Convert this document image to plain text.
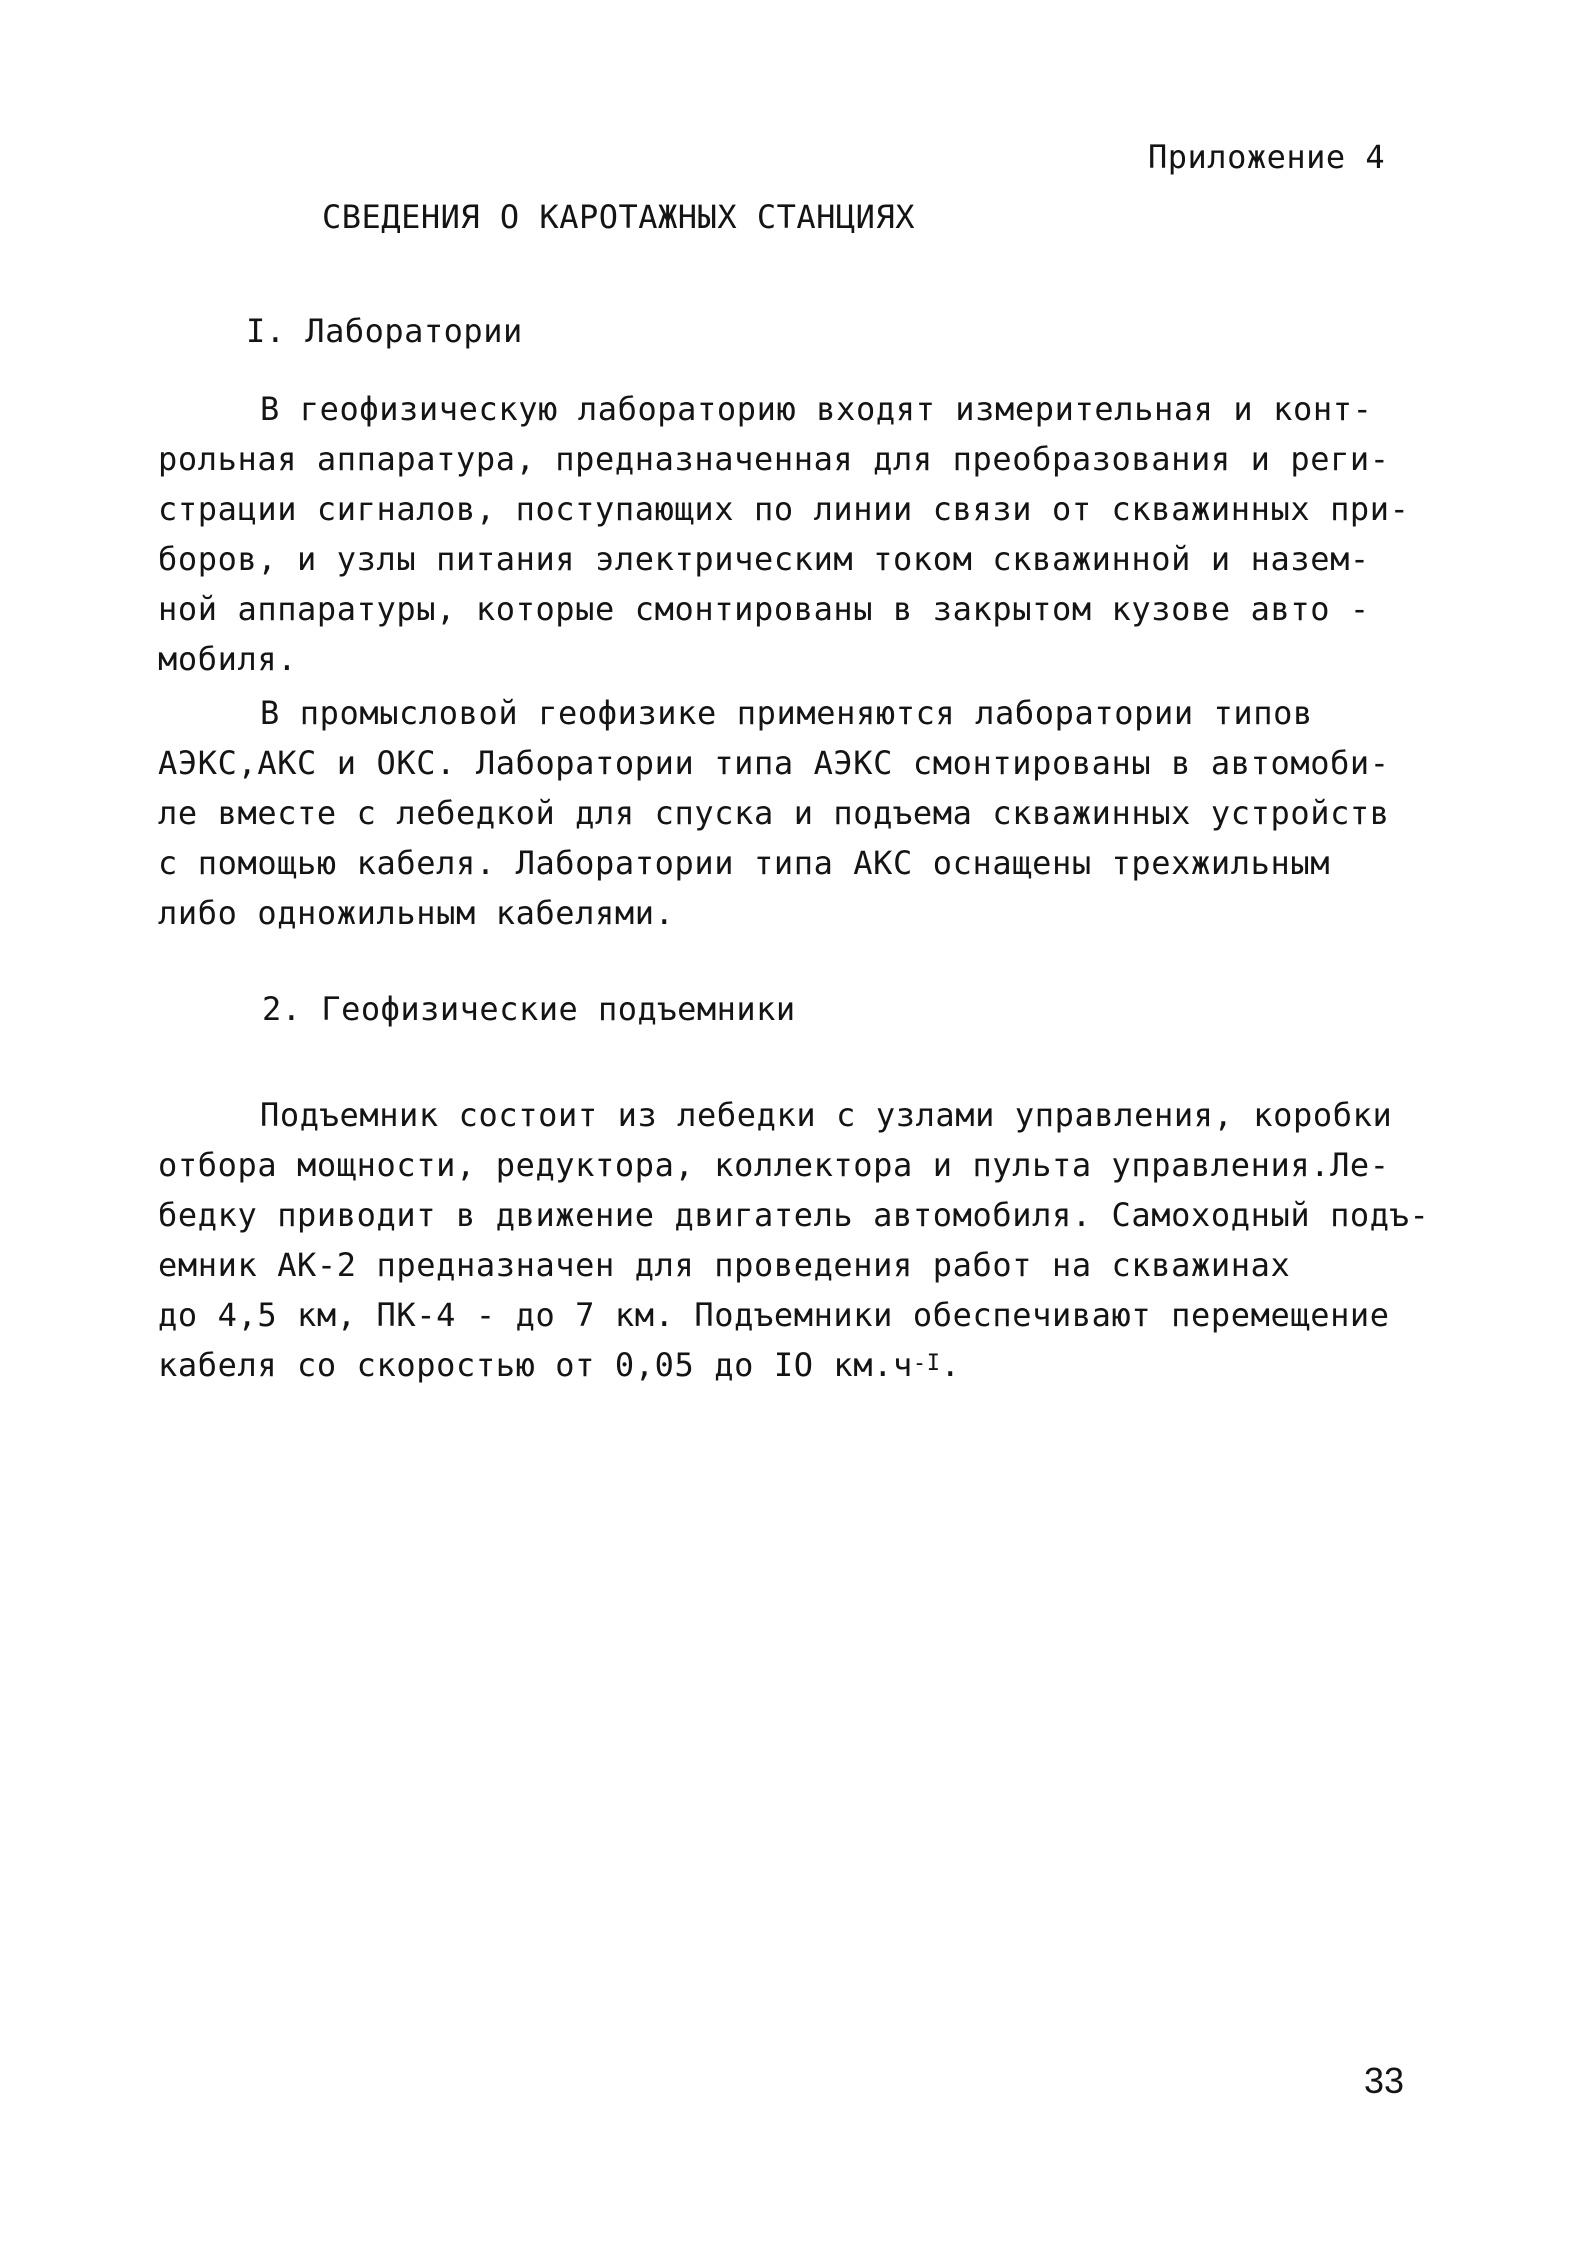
Приложение 4
СВЕДЕНИЯ О КАРОТАЖНЫХ СТАНЦИЯХ
I. Лаборатории
В геофизическую лабораторию входят измерительная и конт-
рольная аппаратура, предназначенная для преобразования и реги-
страции сигналов, поступающих по линии связи от скважинных при-
боров, и узлы питания электрическим током скважинной и назем-
ной аппаратуры, которые смонтированы в закрытом кузове авто -
мобиля.
В промысловой геофизике применяются лаборатории типов
АЭКС,АКС и ОКС. Лаборатории типа АЭКС смонтированы в автомоби-
ле вместе с лебедкой для спуска и подъема скважинных устройств
с помощью кабеля. Лаборатории типа АКС оснащены трехжильным
либо одножильным кабелями.
2. Геофизические подъемники
Подъемник состоит из лебедки с узлами управления, коробки
отбора мощности, редуктора, коллектора и пульта управления.Ле-
бедку приводит в движение двигатель автомобиля. Самоходный подъ-
емник АК-2 предназначен для проведения работ на скважинах
до 4,5 км, ПК-4 - до 7 км. Подъемники обеспечивают перемещение
кабеля со скоростью от 0,05 до IO $км.ч^{-I}$.
33
